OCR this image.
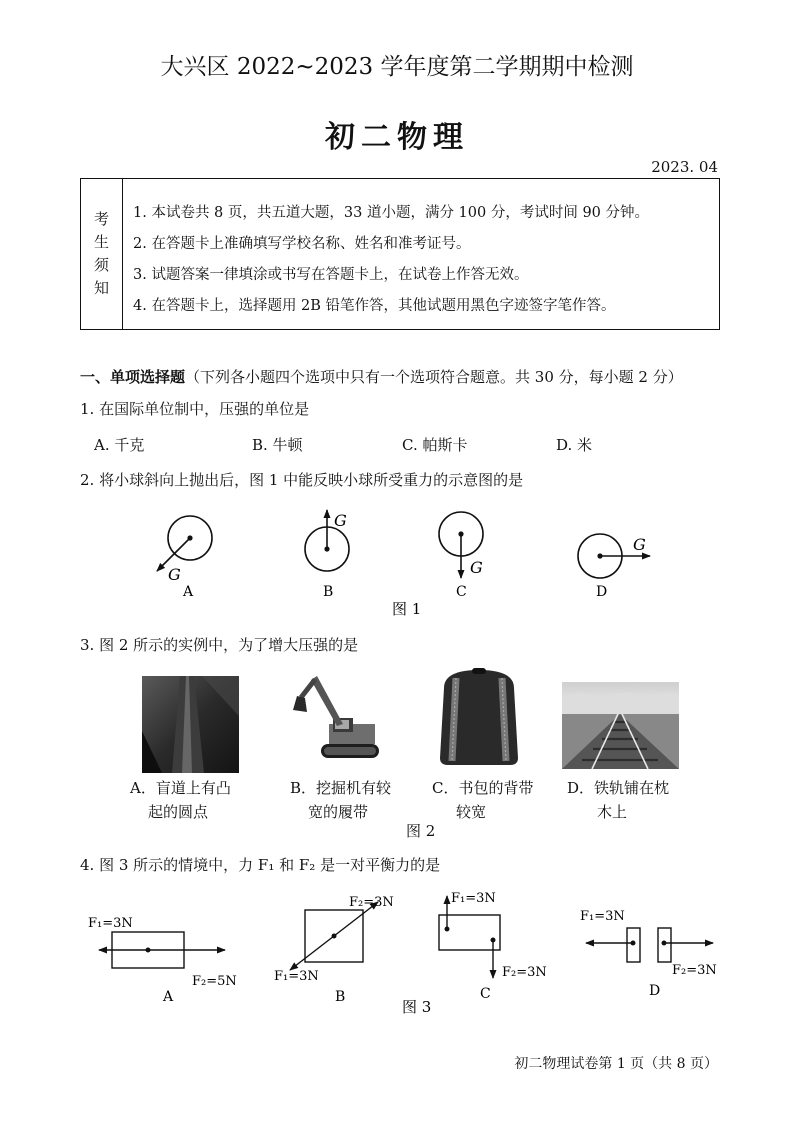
大兴区 2022~2023 学年度第二学期期中检测
初二物理
2023. 04
考生须知
1. 本试卷共 8 页，共五道大题，33 道小题，满分 100 分，考试时间 90 分钟。
2. 在答题卡上准确填写学校名称、姓名和准考证号。
3. 试题答案一律填涂或书写在答题卡上，在试卷上作答无效。
4. 在答题卡上，选择题用 2B 铅笔作答，其他试题用黑色字迹签字笔作答。
一、单项选择题（下列各小题四个选项中只有一个选项符合题意。共 30 分，每小题 2 分）
1. 在国际单位制中，压强的单位是
A. 千克	B. 牛顿	C. 帕斯卡	D. 米
2. 将小球斜向上抛出后，图 1 中能反映小球所受重力的示意图的是
G
G
G
G
A	B	C	D
图 1
3. 图 2 所示的实例中，为了增大压强的是
A．盲道上有凸
起的圆点
B．挖掘机有较
宽的履带
C．书包的背带
较宽
D．铁轨铺在枕
木上
图 2
4. 图 3 所示的情境中，力 F₁ 和 F₂ 是一对平衡力的是
F₁=3N
F₂=5N
A
F₁=3N
F₂=3N
B
F₁=3N
F₂=3N
C
F₁=3N
F₂=3N
D
图 3
初二物理试卷第 1 页（共 8 页）
